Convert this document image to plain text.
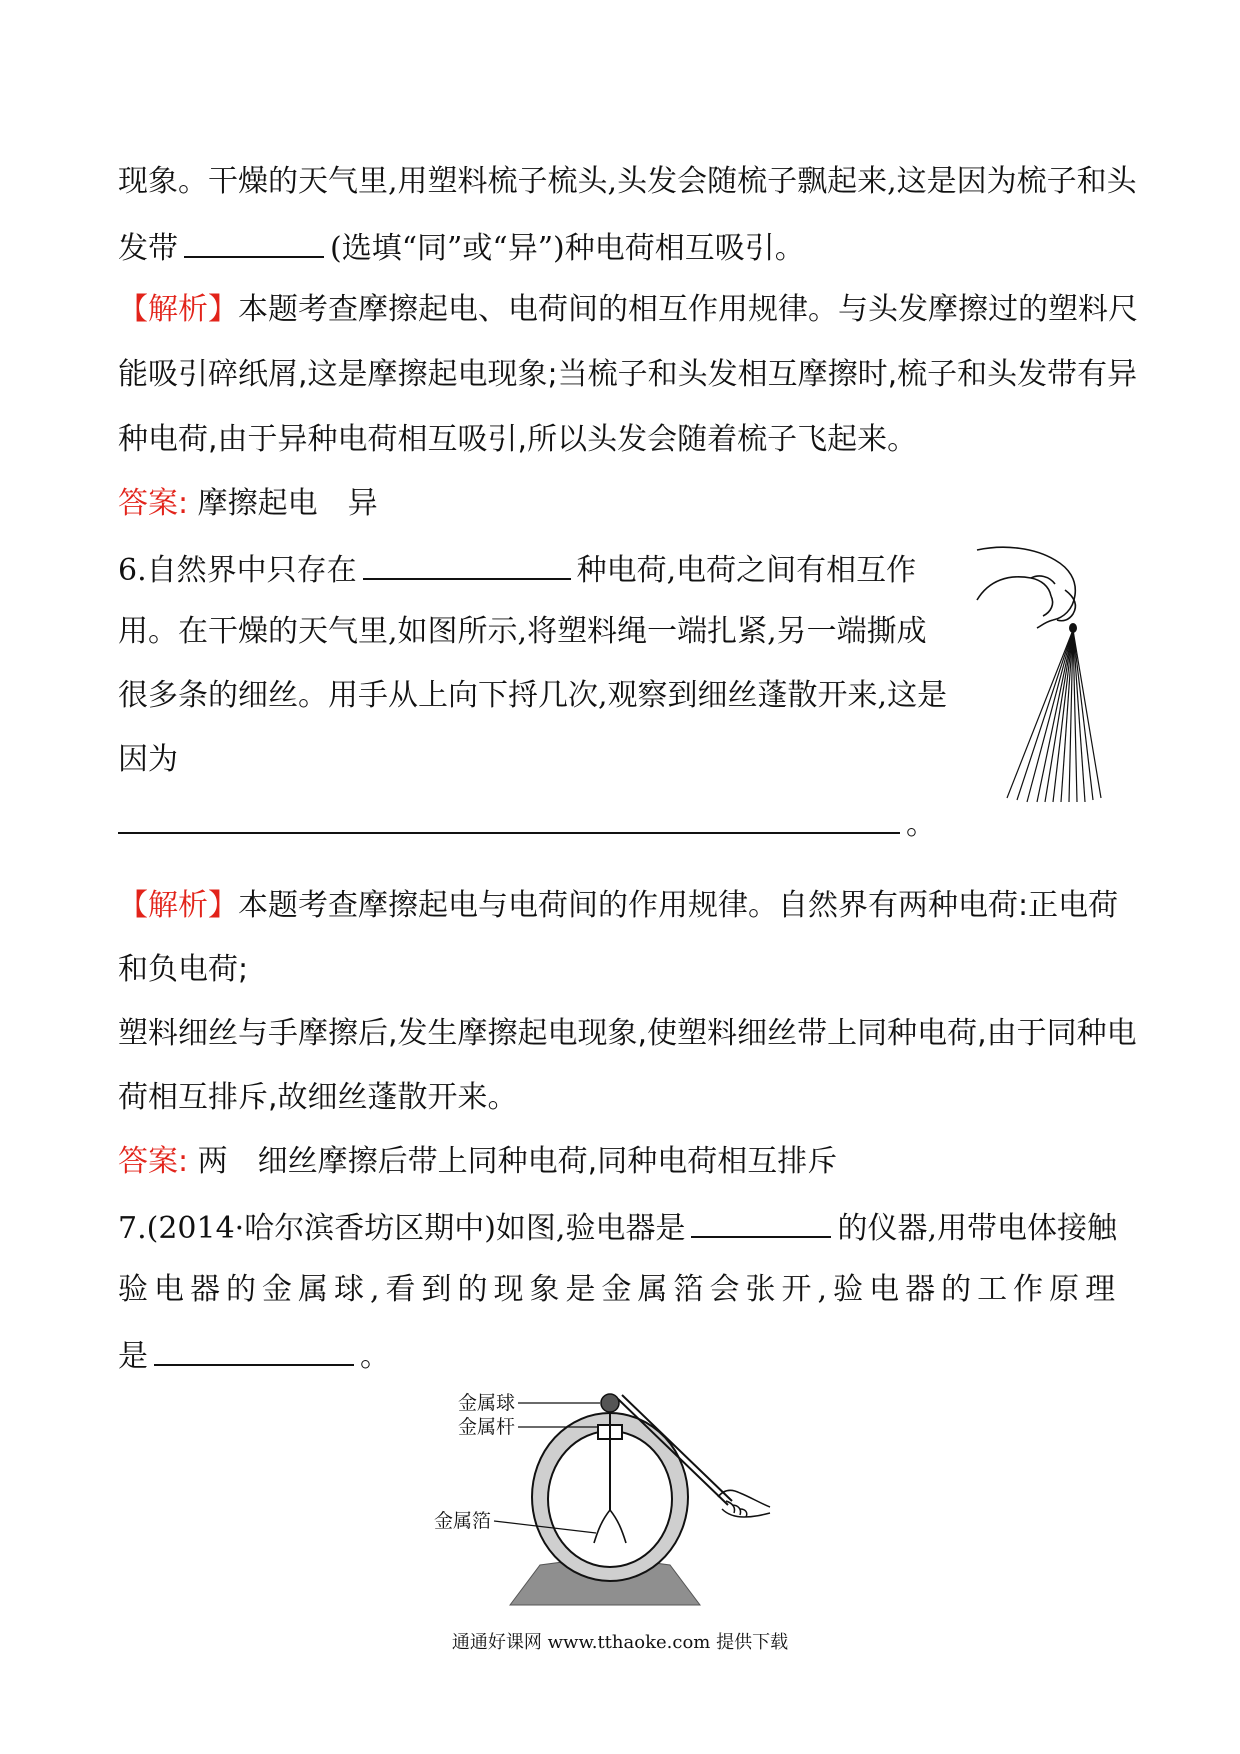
现象。干燥的天气里,用塑料梳子梳头,头发会随梳子飘起来,这是因为梳子和头
发带	(选填“同”或“异”)种电荷相互吸引。
【解析】本题考查摩擦起电、电荷间的相互作用规律。与头发摩擦过的塑料尺
能吸引碎纸屑,这是摩擦起电现象;当梳子和头发相互摩擦时,梳子和头发带有异
种电荷,由于异种电荷相互吸引,所以头发会随着梳子飞起来。
答案: 摩擦起电　异
6.自然界中只存在	种电荷,电荷之间有相互作
用。在干燥的天气里,如图所示,将塑料绳一端扎紧,另一端撕成
很多条的细丝。用手从上向下捋几次,观察到细丝蓬散开来,这是
因为
。
【解析】本题考查摩擦起电与电荷间的作用规律。自然界有两种电荷:正电荷
和负电荷;
塑料细丝与手摩擦后,发生摩擦起电现象,使塑料细丝带上同种电荷,由于同种电
荷相互排斥,故细丝蓬散开来。
答案: 两　细丝摩擦后带上同种电荷,同种电荷相互排斥
7.(2014·哈尔滨香坊区期中)如图,验电器是	的仪器,用带电体接触
验电器的金属球,看到的现象是金属箔会张开,验电器的工作原理
是	。
金属球
金属杆
金属箔
通通好课网 www.tthaoke.com 提供下载
